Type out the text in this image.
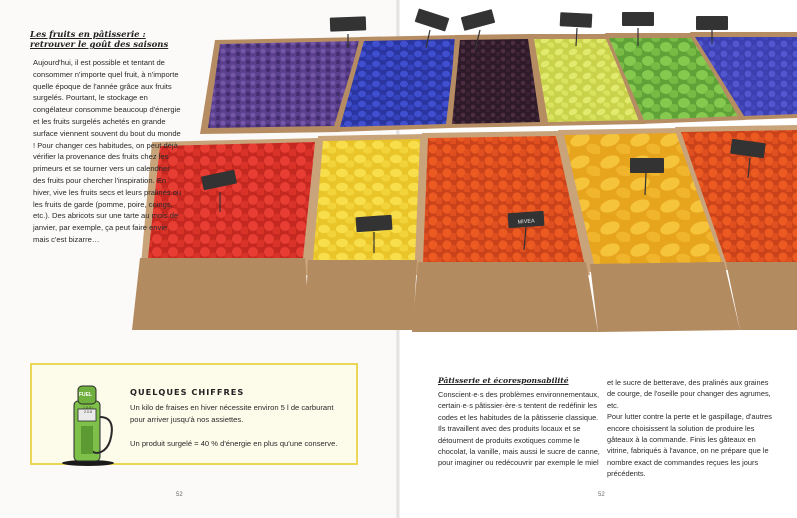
MIVEA
Les fruits en pâtisserie :
retrouver le goût des saisons
Aujourd'hui, il est possible et tentant de consommer n'importe quel fruit, à n'importe quelle époque de l'année grâce aux fruits surgelés. Pourtant, le stockage en congélateur consomme beaucoup d'énergie et les fruits surgelés achetés en grande surface viennent souvent du bout du monde ! Pour changer ces habitudes, on peut déjà vérifier la provenance des fruits chez les primeurs et se tourner vers un calendrier des fruits pour chercher l'inspiration. En hiver, vive les fruits secs et leurs pralinés ou les fruits de garde (pomme, poire, coings, etc.). Des abricots sur une tarte au mois de janvier, par exemple, ça peut faire envie mais c'est bizarre…
FUEL
1.0.8 / 2.0.8
QUELQUES CHIFFRES
Un kilo de fraises en hiver nécessite environ 5 l de carburant pour arriver jusqu'à nos assiettes.
Un produit surgelé = 40 % d'énergie en plus qu'une conserve.
52	52
Pâtisserie et écoresponsabilité

Conscient·e·s des problèmes environnementaux, certain·e·s pâtissier·ère·s tentent de redéfinir les codes et les habitudes de la pâtisserie classique. Ils travaillent avec des produits locaux et se détournent de produits exotiques comme le chocolat, la vanille, mais aussi le sucre de canne, pour imaginer ou redécouvrir par exemple le miel

et le sucre de betterave, des pralinés aux graines de courge, de l'oseille pour changer des agrumes, etc.

Pour lutter contre la perte et le gaspillage, d'autres encore choisissent la solution de produire les gâteaux à la commande. Finis les gâteaux en vitrine, fabriqués à l'avance, on ne prépare que le nombre exact de commandes reçues les jours précédents.
